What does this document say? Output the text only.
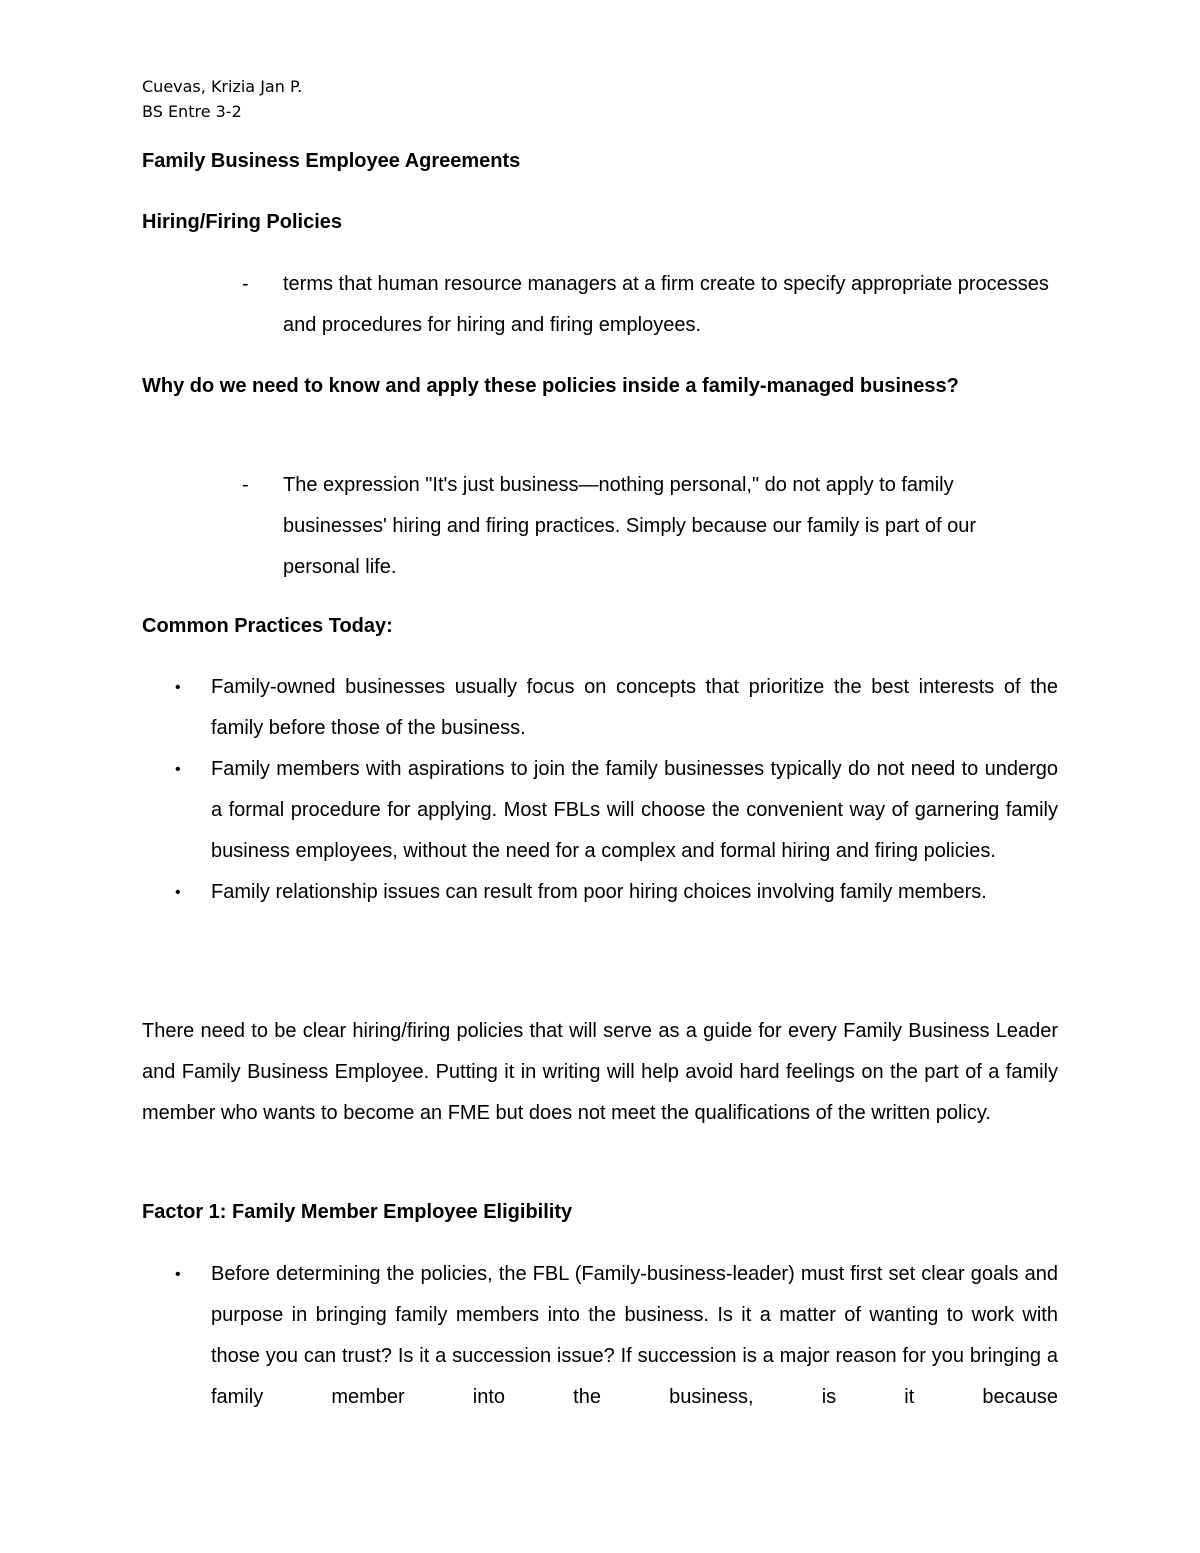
Cuevas, Krizia Jan P.
BS Entre 3-2
Family Business Employee Agreements
Hiring/Firing Policies
- terms that human resource managers at a firm create to specify appropriate processes and procedures for hiring and firing employees.
Why do we need to know and apply these policies inside a family-managed business?
- The expression "It's just business—nothing personal," do not apply to family businesses' hiring and firing practices. Simply because our family is part of our personal life.
Common Practices Today:
• Family-owned businesses usually focus on concepts that prioritize the best interests of the family before those of the business.
• Family members with aspirations to join the family businesses typically do not need to undergo a formal procedure for applying. Most FBLs will choose the convenient way of garnering family business employees, without the need for a complex and formal hiring and firing policies.
• Family relationship issues can result from poor hiring choices involving family members.
There need to be clear hiring/firing policies that will serve as a guide for every Family Business Leader and Family Business Employee. Putting it in writing will help avoid hard feelings on the part of a family member who wants to become an FME but does not meet the qualifications of the written policy.
Factor 1: Family Member Employee Eligibility
• Before determining the policies, the FBL (Family-business-leader) must first set clear goals and purpose in bringing family members into the business. Is it a matter of wanting to work with those you can trust? Is it a succession issue? If succession is a major reason for you bringing a family member into the business, is it because
